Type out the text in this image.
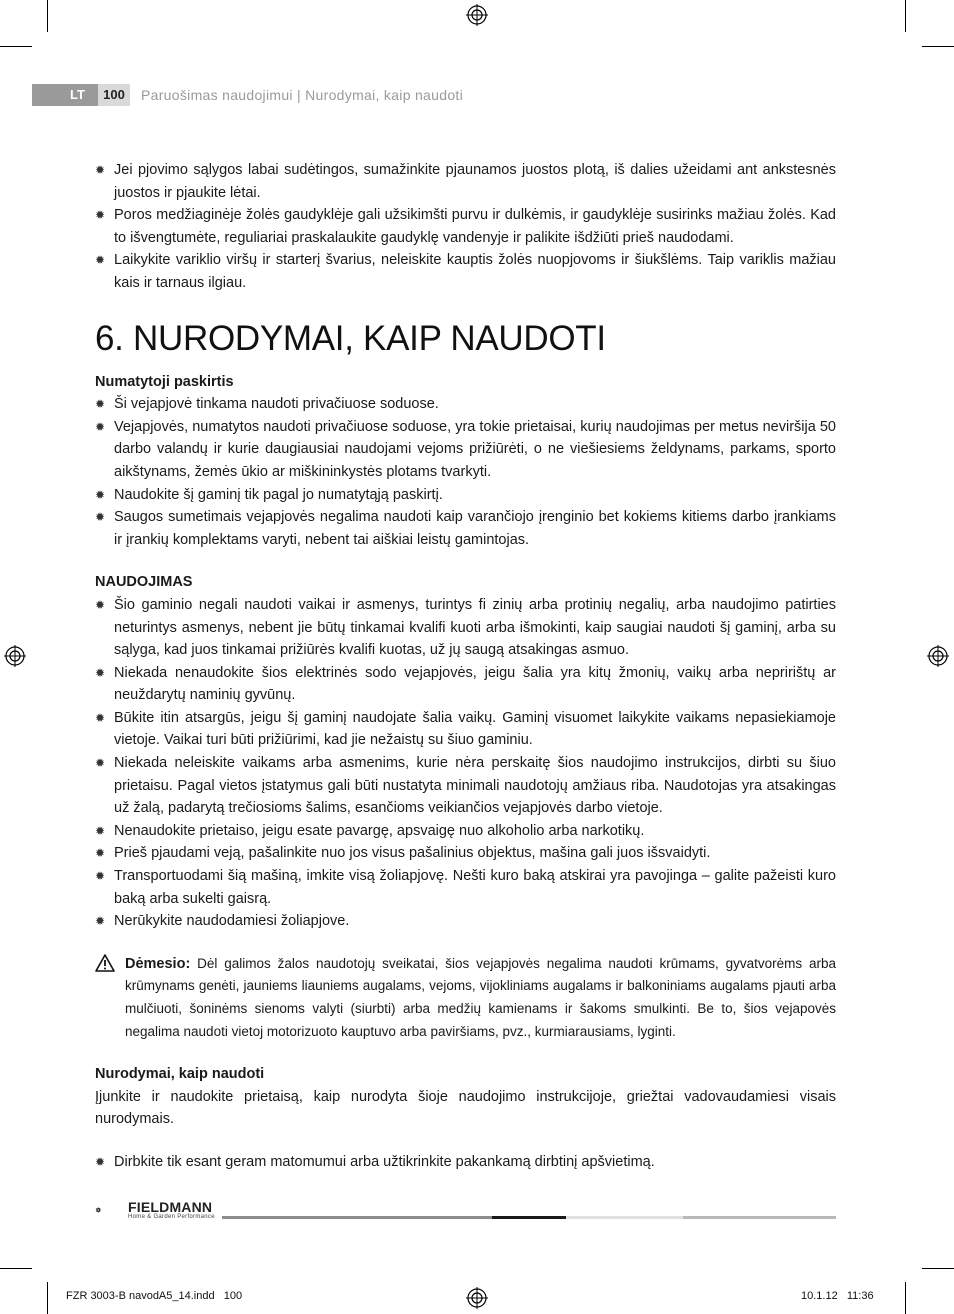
LT	100	Paruošimas naudojimui | Nurodymai, kaip naudoti
✹ Jei pjovimo sąlygos labai sudėtingos, sumažinkite pjaunamos juostos plotą, iš dalies užeidami ant ankstesnės juostos ir pjaukite lėtai.
✹ Poros medžiaginėje žolės gaudyklėje gali užsikimšti purvu ir dulkėmis, ir gaudyklėje susirinks mažiau žolės. Kad to išvengtumėte, reguliariai praskalaukite gaudyklę vandenyje ir palikite išdžiūti prieš naudodami.
✹ Laikykite variklio viršų ir starterį švarius, neleiskite kauptis žolės nuopjovoms ir šiukšlėms. Taip variklis mažiau kais ir tarnaus ilgiau.
6. NURODYMAI, KAIP NAUDOTI

Numatytoji paskirtis

✹ Ši vejapjovė tinkama naudoti privačiuose soduose.
✹ Vejapjovės, numatytos naudoti privačiuose soduose, yra tokie prietaisai, kurių naudojimas per metus neviršija 50 darbo valandų ir kurie daugiausiai naudojami vejoms prižiūrėti, o ne viešiesiems želdynams, parkams, sporto aikštynams, žemės ūkio ar miškininkystės plotams tvarkyti.
✹ Naudokite šį gaminį tik pagal jo numatytąją paskirtį.
✹ Saugos sumetimais vejapjovės negalima naudoti kaip varančiojo įrenginio bet kokiems kitiems darbo įrankiams ir įrankių komplektams varyti, nebent tai aiškiai leistų gamintojas.

NAUDOJIMAS

✹ Šio gaminio negali naudoti vaikai ir asmenys, turintys fi zinių arba protinių negalių, arba naudojimo patirties neturintys asmenys, nebent jie būtų tinkamai kvalifi kuoti arba išmokinti, kaip saugiai naudoti šį gaminį, arba su sąlyga, kad juos tinkamai prižiūrės kvalifi kuotas, už jų saugą atsakingas asmuo.
✹ Niekada nenaudokite šios elektrinės sodo vejapjovės, jeigu šalia yra kitų žmonių, vaikų arba nepririštų ar neuždarytų naminių gyvūnų.
✹ Būkite itin atsargūs, jeigu šį gaminį naudojate šalia vaikų. Gaminį visuomet laikykite vaikams nepasiekiamoje vietoje. Vaikai turi būti prižiūrimi, kad jie nežaistų su šiuo gaminiu.
✹ Niekada neleiskite vaikams arba asmenims, kurie nėra perskaitę šios naudojimo instrukcijos, dirbti su šiuo prietaisu. Pagal vietos įstatymus gali būti nustatyta minimali naudotojų amžiaus riba. Naudotojas yra atsakingas už žalą, padarytą trečiosioms šalims, esančioms veikiančios vejapjovės darbo vietoje.
✹ Nenaudokite prietaiso, jeigu esate pavargę, apsvaigę nuo alkoholio arba narkotikų.
✹ Prieš pjaudami veją, pašalinkite nuo jos visus pašalinius objektus, mašina gali juos išsvaidyti.
✹ Transportuodami šią mašiną, imkite visą žoliapjovę. Nešti kuro baką atskirai yra pavojinga – galite pažeisti kuro baką arba sukelti gaisrą.
✹ Nerūkykite naudodamiesi žoliapjove.
Dėmesio: Dėl galimos žalos naudotojų sveikatai, šios vejapjovės negalima naudoti krūmams, gyvatvorėms arba krūmynams genėti, jauniems liauniems augalams, vejoms, vijokliniams augalams ir balkoniniams augalams pjauti arba mulčiuoti, šoninėms sienoms valyti (siurbti) arba medžių kamienams ir šakoms smulkinti. Be to, šios vejapovės negalima naudoti vietoj motorizuoto kauptuvo arba paviršiams, pvz., kurmiarausiams, lyginti.

Nurodymai, kaip naudoti

Įjunkite ir naudokite prietaisą, kaip nurodyta šioje naudojimo instrukcijoje, griežtai vadovaudamiesi visais nurodymais.

✹ Dirbkite tik esant geram matomumui arba užtikrinkite pakankamą dirbtinį apšvietimą.
FIELDMANN
Home & Garden Performance
FZR 3003-B navodA5_14.indd   100	10.1.12   11:36
